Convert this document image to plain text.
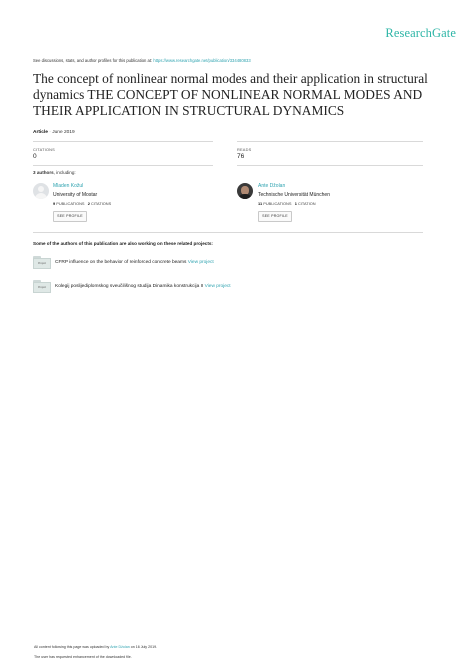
ResearchGate
See discussions, stats, and author profiles for this publication at: https://www.researchgate.net/publication/334480833
The concept of nonlinear normal modes and their application in structural dynamics THE CONCEPT OF NONLINEAR NORMAL MODES AND THEIR APPLICATION IN STRUCTURAL DYNAMICS
Article · June 2019
CITATIONS
0
READS
76
3 authors, including:
Mladen Kožul
University of Mostar
9 PUBLICATIONS 2 CITATIONS
SEE PROFILE
Ante Džolan
Technische Universität München
11 PUBLICATIONS 1 CITATION
SEE PROFILE
Some of the authors of this publication are also working on these related projects:
Project	CFRP influence on the behavior of reinforced concrete beams View project
Project	Kolegij poslijediplomskog sveučilišnog studija Dinamika konstrukcija II View project
All content following this page was uploaded by Ante Džolan on 16 July 2019.
The user has requested enhancement of the downloaded file.
